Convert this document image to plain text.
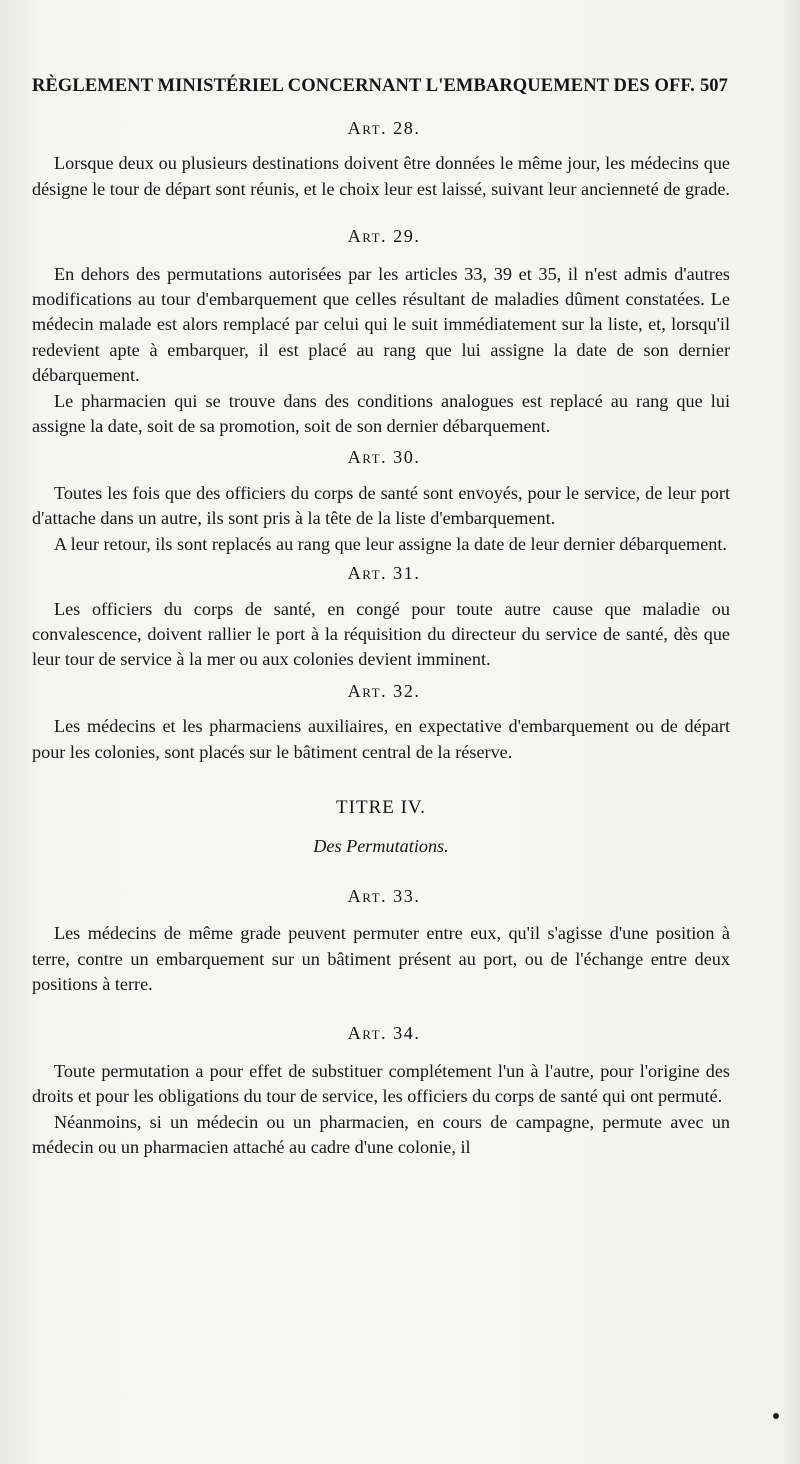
RÈGLEMENT MINISTÉRIEL CONCERNANT L'EMBARQUEMENT DES OFF. 507
Art. 28.

Lorsque deux ou plusieurs destinations doivent être données le même jour, les médecins que désigne le tour de départ sont réunis, et le choix leur est laissé, suivant leur ancienneté de grade.

Art. 29.

En dehors des permutations autorisées par les articles 33, 39 et 35, il n'est admis d'autres modifications au tour d'embarquement que celles résultant de maladies dûment constatées. Le médecin malade est alors remplacé par celui qui le suit immédiatement sur la liste, et, lorsqu'il redevient apte à embarquer, il est placé au rang que lui assigne la date de son dernier débarquement.

Le pharmacien qui se trouve dans des conditions analogues est replacé au rang que lui assigne la date, soit de sa promotion, soit de son dernier débarquement.

Art. 30.

Toutes les fois que des officiers du corps de santé sont envoyés, pour le service, de leur port d'attache dans un autre, ils sont pris à la tête de la liste d'embarquement.

A leur retour, ils sont replacés au rang que leur assigne la date de leur dernier débarquement.

Art. 31.

Les officiers du corps de santé, en congé pour toute autre cause que maladie ou convalescence, doivent rallier le port à la réquisition du directeur du service de santé, dès que leur tour de service à la mer ou aux colonies devient imminent.

Art. 32.

Les médecins et les pharmaciens auxiliaires, en expectative d'embarquement ou de départ pour les colonies, sont placés sur le bâtiment central de la réserve.

TITRE IV.
Des Permutations.
Art. 33.

Les médecins de même grade peuvent permuter entre eux, qu'il s'agisse d'une position à terre, contre un embarquement sur un bâtiment présent au port, ou de l'échange entre deux positions à terre.

Art. 34.

Toute permutation a pour effet de substituer complétement l'un à l'autre, pour l'origine des droits et pour les obligations du tour de service, les officiers du corps de santé qui ont permuté.

Néanmoins, si un médecin ou un pharmacien, en cours de campagne, permute avec un médecin ou un pharmacien attaché au cadre d'une colonie, il
